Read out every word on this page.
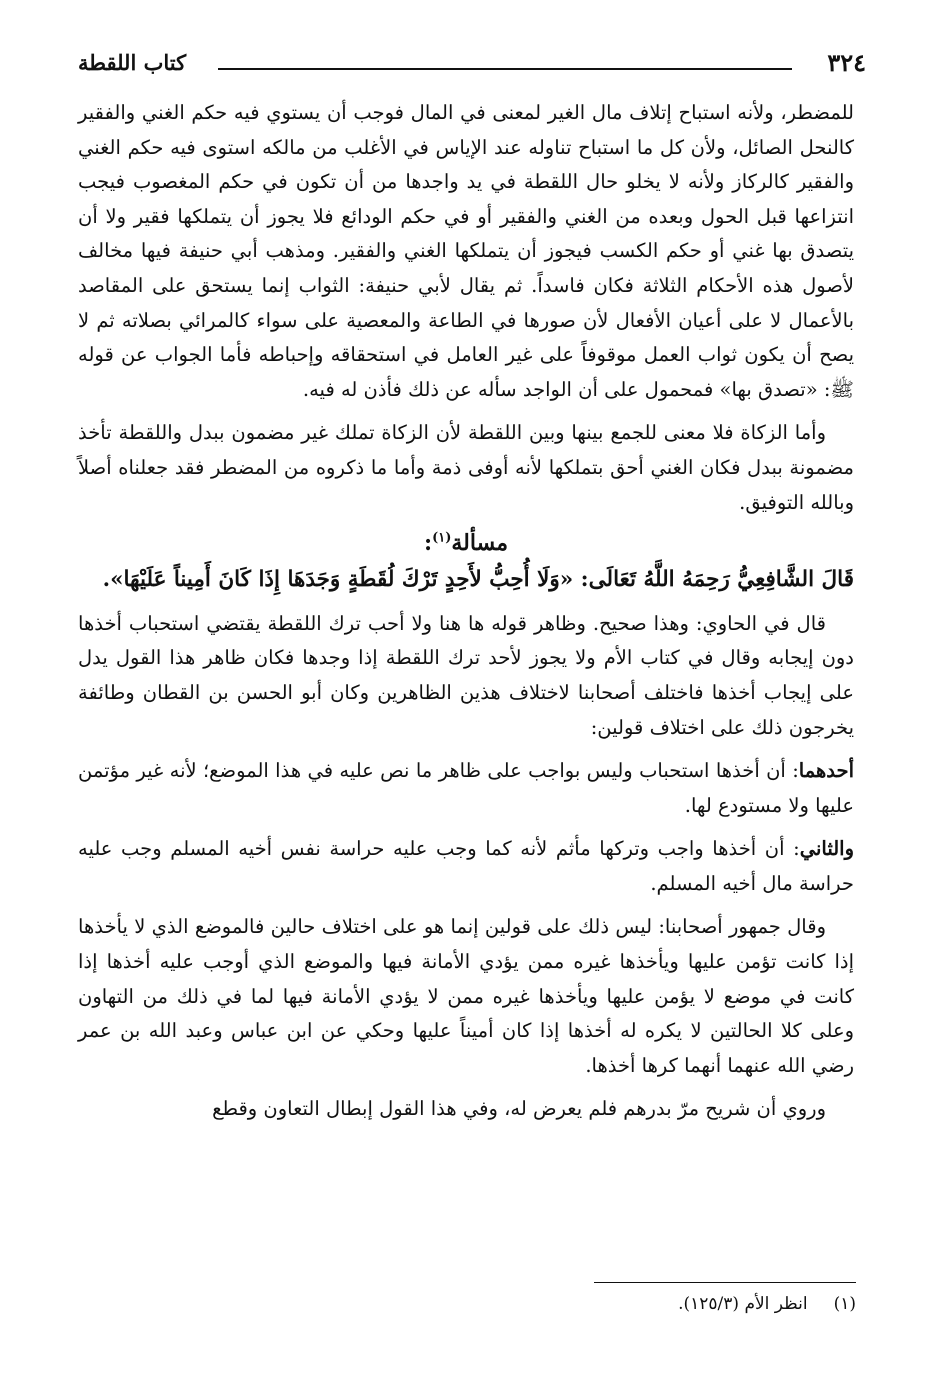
٣٢٤
كتاب اللقطة

للمضطر، ولأنه استباح إتلاف مال الغير لمعنى في المال فوجب أن يستوي فيه حكم الغني والفقير كالنحل الصائل، ولأن كل ما استباح تناوله عند الإياس في الأغلب من مالكه استوى فيه حكم الغني والفقير كالركاز ولأنه لا يخلو حال اللقطة في يد واجدها من أن تكون في حكم المغصوب فيجب انتزاعها قبل الحول وبعده من الغني والفقير أو في حكم الودائع فلا يجوز أن يتملكها فقير ولا أن يتصدق بها غني أو حكم الكسب فيجوز أن يتملكها الغني والفقير. ومذهب أبي حنيفة فيها مخالف لأصول هذه الأحكام الثلاثة فكان فاسداً. ثم يقال لأبي حنيفة: الثواب إنما يستحق على المقاصد بالأعمال لا على أعيان الأفعال لأن صورها في الطاعة والمعصية على سواء كالمرائي بصلاته ثم لا يصح أن يكون ثواب العمل موقوفاً على غير العامل في استحقاقه وإحباطه فأما الجواب عن قوله ﷺ: «تصدق بها» فمحمول على أن الواجد سأله عن ذلك فأذن له فيه.

وأما الزكاة فلا معنى للجمع بينها وبين اللقطة لأن الزكاة تملك غير مضمون ببدل واللقطة تأخذ مضمونة ببدل فكان الغني أحق بتملكها لأنه أوفى ذمة وأما ما ذكروه من المضطر فقد جعلناه أصلاً وبالله التوفيق.

مسألة$^{(١)}$:

قَالَ الشَّافِعِيُّ رَحِمَهُ اللَّهُ تَعَالَى: «وَلَا أُحِبُّ لأَحِدٍ تَرْكَ لُقَطَةٍ وَجَدَهَا إِذَا كَانَ أَمِيناً عَلَيْهَا».

قال في الحاوي: وهذا صحيح. وظاهر قوله ها هنا ولا أحب ترك اللقطة يقتضي استحباب أخذها دون إيجابه وقال في كتاب الأم ولا يجوز لأحد ترك اللقطة إذا وجدها فكان ظاهر هذا القول يدل على إيجاب أخذها فاختلف أصحابنا لاختلاف هذين الظاهرين وكان أبو الحسن بن القطان وطائفة يخرجون ذلك على اختلاف قولين:

أحدهما: أن أخذها استحباب وليس بواجب على ظاهر ما نص عليه في هذا الموضع؛ لأنه غير مؤتمن عليها ولا مستودع لها.

والثاني: أن أخذها واجب وتركها مأثم لأنه كما وجب عليه حراسة نفس أخيه المسلم وجب عليه حراسة مال أخيه المسلم.

وقال جمهور أصحابنا: ليس ذلك على قولين إنما هو على اختلاف حالين فالموضع الذي لا يأخذها إذا كانت تؤمن عليها ويأخذها غيره ممن يؤدي الأمانة فيها والموضع الذي أوجب عليه أخذها إذا كانت في موضع لا يؤمن عليها ويأخذها غيره ممن لا يؤدي الأمانة فيها لما في ذلك من التهاون وعلى كلا الحالتين لا يكره له أخذها إذا كان أميناً عليها وحكي عن ابن عباس وعبد الله بن عمر رضي الله عنهما أنهما كرها أخذها.

وروي أن شريح مرّ بدرهم فلم يعرض له، وفي هذا القول إبطال التعاون وقطع

(١)انظر الأم (١٢٥/٣).
